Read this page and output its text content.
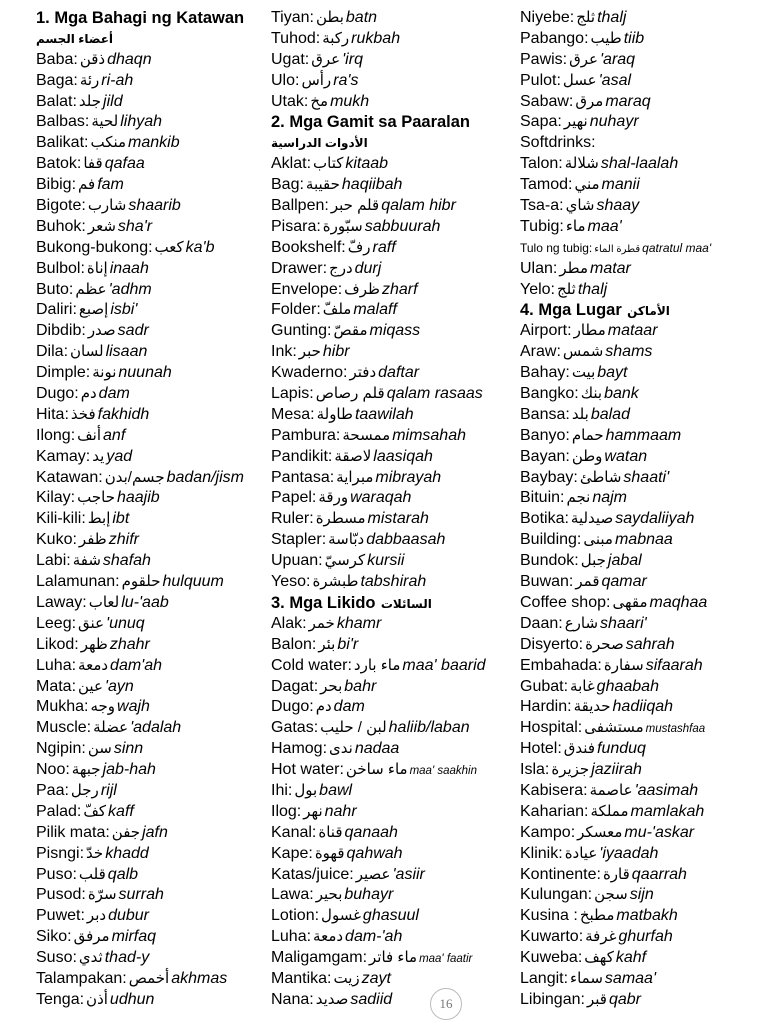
1. Mga Bahagi ng Katawan
أعضاء الجسم
Baba: ذقن dhaqn
Baga: رئة ri-ah
Balat: جلد jild
Balbas: لحية lihyah
Balikat: منكب mankib
Batok: قفا qafaa
Bibig: فم fam
Bigote: شارب shaarib
Buhok: شعر sha'r
Bukong-bukong: كعب ka'b
Bulbol: إناة inaah
Buto: عظم 'adhm
Daliri: إصبع isbi'
Dibdib: صدر sadr
Dila: لسان lisaan
Dimple: نونة nuunah
Dugo: دم dam
Hita: فخذ fakhidh
Ilong: أنف anf
Kamay: يد yad
Katawan: جسم/بدن badan/jism
Kilay: حاجب haajib
Kili-kili: إبط ibt
Kuko: ظفر zhifr
Labi: شفة shafah
Lalamunan: حلقوم hulquum
Laway: لعاب lu-'aab
Leeg: عنق 'unuq
Likod: ظهر zhahr
Luha: دمعة dam'ah
Mata: عين 'ayn
Mukha: وجه wajh
Muscle: عضلة 'adalah
Ngipin: سن sinn
Noo: جبهة jab-hah
Paa: رجل rijl
Palad: كفّ kaff
Pilik mata: جفن jafn
Pisngi: خدّ khadd
Puso: قلب qalb
Pusod: سرّة surrah
Puwet: دبر dubur
Siko: مرفق mirfaq
Suso: ثدي thad-y
Talampakan: أخمص akhmas
Tenga: أذن udhun
Tiyan: بطن batn
Tuhod: ركبة rukbah
Ugat: عرق 'irq
Ulo: رأس ra's
Utak: مخ mukh
2. Mga Gamit sa Paaralan
الأدوات الدراسية
Aklat: كتاب kitaab
Bag: حقيبة haqiibah
Ballpen: قلم حبر qalam hibr
Pisara: سبّورة sabbuurah
Bookshelf: رفّ raff
Drawer: درج durj
Envelope: ظرف zharf
Folder: ملفّ malaff
Gunting: مقصّ miqass
Ink: حبر hibr
Kwaderno: دفتر daftar
Lapis: قلم رصاص qalam rasaas
Mesa: طاولة taawilah
Pambura: ممسحة mimsahah
Pandikit: لاصقة laasiqah
Pantasa: مبراية mibrayah
Papel: ورقة waraqah
Ruler: مسطرة mistarah
Stapler: دبّاسة dabbaasah
Upuan: كرسيّ kursii
Yeso: طبشرة tabshirah
3. Mga Likido السائلات
Alak: خمر khamr
Balon: بئر bi'r
Cold water: ماء بارد maa' baarid
Dagat: بحر bahr
Dugo: دم dam
Gatas: لبن / حليب haliib/laban
Hamog: ندى nadaa
Hot water: ماء ساخن maa' saakhin
Ihi: بول bawl
Ilog: نهر nahr
Kanal: قناة qanaah
Kape: قهوة qahwah
Katas/juice: عصير 'asiir
Lawa: بحير buhayr
Lotion: غسول ghasuul
Luha: دمعة dam-'ah
Maligamgam: ماء فاتر maa' faatir
Mantika: زيت zayt
Nana: صديد sadiid
Niyebe: ثلج thalj
Pabango: طيب tiib
Pawis: عرق 'araq
Pulot: عسل 'asal
Sabaw: مرق maraq
Sapa: نهير nuhayr
Softdrinks:
Talon: شلالة shal-laalah
Tamod: مني manii
Tsa-a: شاي shaay
Tubig: ماء maa'
Tulo ng tubig: قطرة الماء qatratul maa'
Ulan: مطر matar
Yelo: ثلج thalj
4. Mga Lugar الأماكن
Airport: مطار mataar
Araw: شمس shams
Bahay: بيت bayt
Bangko: بنك bank
Bansa: بلد balad
Banyo: حمام hammaam
Bayan: وطن watan
Baybay: شاطئ shaati'
Bituin: نجم najm
Botika: صيدلية saydaliiyah
Building: مبنى mabnaa
Bundok: جبل jabal
Buwan: قمر qamar
Coffee shop: مقهى maqhaa
Daan: شارع shaari'
Disyerto: صحرة sahrah
Embahada: سفارة sifaarah
Gubat: غابة ghaabah
Hardin: حديقة hadiiqah
Hospital: مستشفى mustashfaa
Hotel: فندق funduq
Isla: جزيرة jaziirah
Kabisera: عاصمة 'aasimah
Kaharian: مملكة mamlakah
Kampo: معسكر mu-'askar
Klinik: عيادة 'iyaadah
Kontinente: قارة qaarrah
Kulungan: سجن sijn
Kusina : مطبخ matbakh
Kuwarto: غرفة ghurfah
Kuweba: كهف kahf
Langit: سماء samaa'
Libingan: قبر qabr
16
